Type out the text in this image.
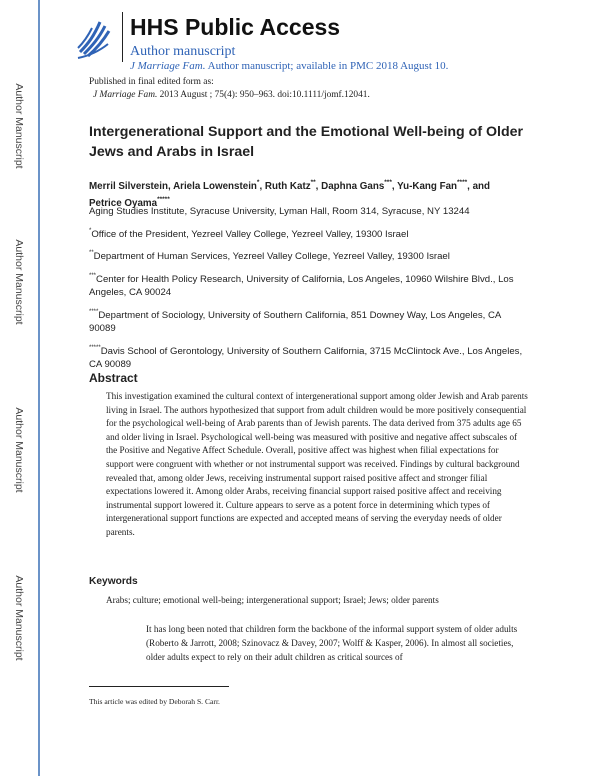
Author Manuscript
Author Manuscript
Author Manuscript
Author Manuscript
HHS Public Access
Author manuscript
J Marriage Fam. Author manuscript; available in PMC 2018 August 10.
Published in final edited form as:
J Marriage Fam. 2013 August ; 75(4): 950–963. doi:10.1111/jomf.12041.
Intergenerational Support and the Emotional Well-being of Older
Jews and Arabs in Israel
Merril Silverstein, Ariela Lowenstein*, Ruth Katz**, Daphna Gans***, Yu-Kang Fan****, and
Petrice Oyama*****
Aging Studies Institute, Syracuse University, Lyman Hall, Room 314, Syracuse, NY 13244
*Office of the President, Yezreel Valley College, Yezreel Valley, 19300 Israel
**Department of Human Services, Yezreel Valley College, Yezreel Valley, 19300 Israel
***Center for Health Policy Research, University of California, Los Angeles, 10960 Wilshire Blvd., Los Angeles, CA 90024
****Department of Sociology, University of Southern California, 851 Downey Way, Los Angeles, CA 90089
*****Davis School of Gerontology, University of Southern California, 3715 McClintock Ave., Los Angeles, CA 90089
Abstract

This investigation examined the cultural context of intergenerational support among older Jewish and Arab parents living in Israel. The authors hypothesized that support from adult children would be more positively consequential for the psychological well-being of Arab parents than of Jewish parents. The data derived from 375 adults age 65 and older living in Israel. Psychological well-being was measured with positive and negative affect subscales of the Positive and Negative Affect Schedule. Overall, positive affect was highest when filial expectations for support were congruent with whether or not instrumental support was received. Findings by cultural background revealed that, among older Jews, receiving instrumental support raised positive affect and stronger filial expectations lowered it. Among older Arabs, receiving financial support raised positive affect and receiving instrumental support lowered it. Culture appears to serve as a potent force in determining which types of intergenerational support functions are expected and accepted means of serving the everyday needs of older parents.

Keywords
Arabs; culture; emotional well-being; intergenerational support; Israel; Jews; older parents

It has long been noted that children form the backbone of the informal support system of older adults (Roberto & Jarrott, 2008; Szinovacz & Davey, 2007; Wolff & Kasper, 2006). In almost all societies, older adults expect to rely on their adult children as critical sources of

This article was edited by Deborah S. Carr.
